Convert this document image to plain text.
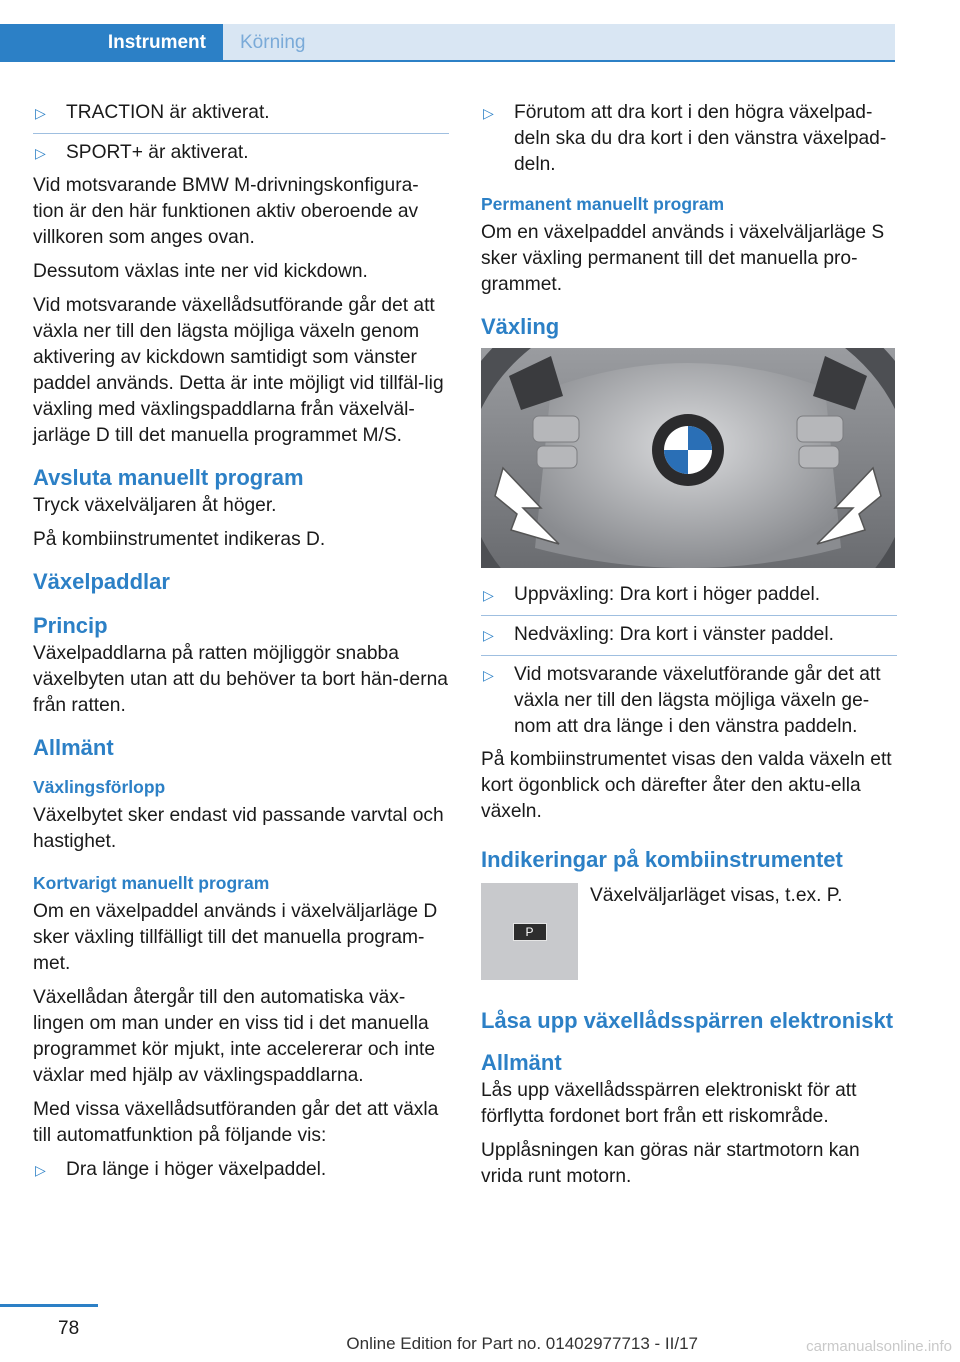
Instrument	Körning
▷	TRACTION är aktiverat.
▷	SPORT+ är aktiverat.

Vid motsvarande BMW M-drivningskonfigura-tion är den här funktionen aktiv oberoende av villkoren som anges ovan.

Dessutom växlas inte ner vid kickdown.

Vid motsvarande växellådsutförande går det att växla ner till den lägsta möjliga växeln genom aktivering av kickdown samtidigt som vänster paddel används. Detta är inte möjligt vid tillfäl-lig växling med växlingspaddlarna från växelväl-jarläge D till det manuella programmet M/S.

Avsluta manuellt program

Tryck växelväljaren åt höger.

På kombiinstrumentet indikeras D.

Växelpaddlar
Princip

Växelpaddlarna på ratten möjliggör snabba växelbyten utan att du behöver ta bort hän-derna från ratten.

Allmänt
Växlingsförlopp

Växelbytet sker endast vid passande varvtal och hastighet.

Kortvarigt manuellt program

Om en växelpaddel används i växelväljarläge D sker växling tillfälligt till det manuella program-met.

Växellådan återgår till den automatiska väx-lingen om man under en viss tid i det manuella programmet kör mjukt, inte accelererar och inte växlar med hjälp av växlingspaddlarna.

Med vissa växellådsutföranden går det att växla till automatfunktion på följande vis:

▷	Dra länge i höger växelpaddel.
▷	Förutom att dra kort i den högra växelpad-deln ska du dra kort i den vänstra växelpad-deln.
Permanent manuellt program

Om en växelpaddel används i växelväljarläge S sker växling permanent till det manuella pro-grammet.

Växling
▷	Uppväxling: Dra kort i höger paddel.
▷	Nedväxling: Dra kort i vänster paddel.
▷	Vid motsvarande växelutförande går det att växla ner till den lägsta möjliga växeln ge-nom att dra länge i den vänstra paddeln.

På kombiinstrumentet visas den valda växeln ett kort ögonblick och därefter åter den aktu-ella växeln.

Indikeringar på kombiinstrumentet
P

Växelväljarläget visas, t.ex. P.

Låsa upp växellådsspärren elektroniskt
Allmänt

Lås upp växellådsspärren elektroniskt för att förflytta fordonet bort från ett riskområde.

Upplåsningen kan göras när startmotorn kan vrida runt motorn.

78
Online Edition for Part no. 01402977713 - II/17	carmanualsonline.info
